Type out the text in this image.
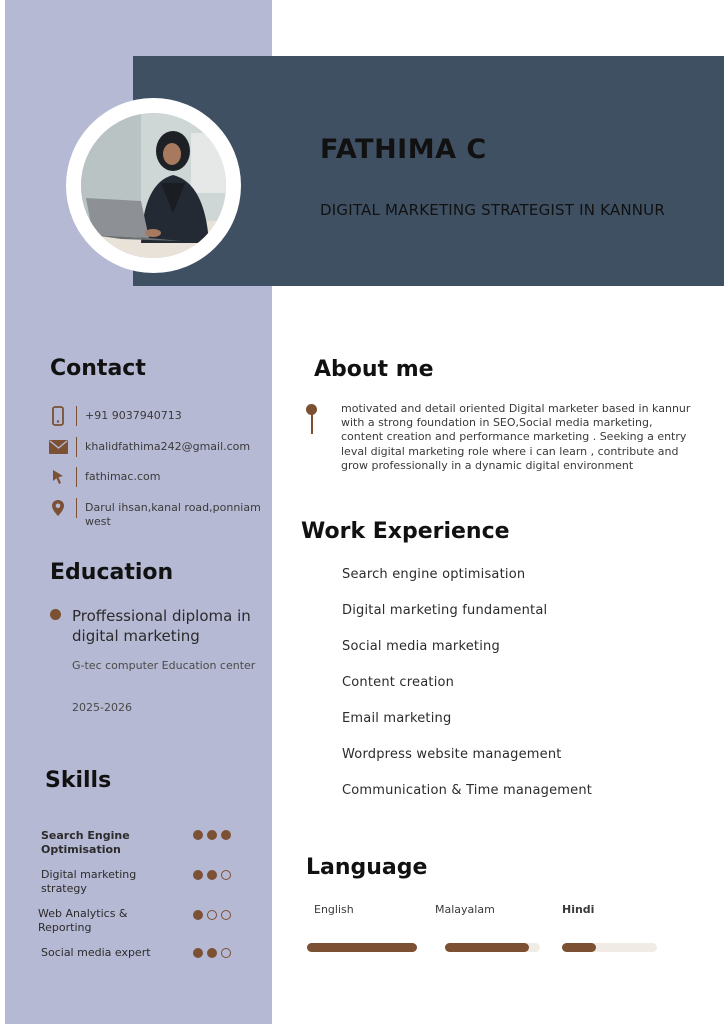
FATHIMA C

DIGITAL MARKETING STRATEGIST IN KANNUR

Contact

+91 9037940713
khalidfathima242@gmail.com
fathimac.com
Darul ihsan,kanal road,ponniam west

Education

Proffessional diploma in digital marketing

G-tec computer Education center

2025-2026

Skills

Search Engine Optimisation

Digital marketing strategy

Web Analytics & Reporting

Social media expert

About me

motivated and detail oriented Digital marketer based in kannur with a strong foundation in SEO,Social media marketing, content creation and performance marketing . Seeking a entry leval digital marketing role where i can learn , contribute and grow professionally in a dynamic digital environment

Work Experience

Search engine optimisation

Digital marketing fundamental

Social media marketing

Content creation

Email marketing

Wordpress website management

Communication & Time management

Language

English	Malayalam	Hindi
